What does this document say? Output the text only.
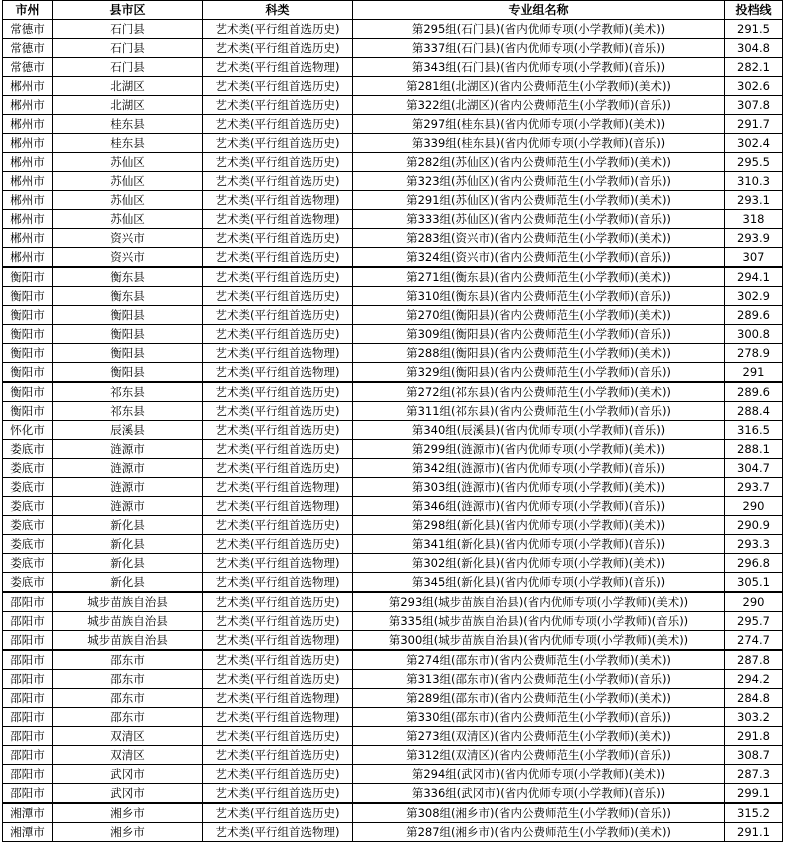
市州	县市区	科类	专业组名称	投档线
常德市	石门县	艺术类(平行组首选历史)	第295组(石门县)(省内优师专项(小学教师)(美术))	291.5
常德市	石门县	艺术类(平行组首选历史)	第337组(石门县)(省内优师专项(小学教师)(音乐))	304.8
常德市	石门县	艺术类(平行组首选物理)	第343组(石门县)(省内优师专项(小学教师)(音乐))	282.1
郴州市	北湖区	艺术类(平行组首选历史)	第281组(北湖区)(省内公费师范生(小学教师)(美术))	302.6
郴州市	北湖区	艺术类(平行组首选历史)	第322组(北湖区)(省内公费师范生(小学教师)(音乐))	307.8
郴州市	桂东县	艺术类(平行组首选历史)	第297组(桂东县)(省内优师专项(小学教师)(美术))	291.7
郴州市	桂东县	艺术类(平行组首选历史)	第339组(桂东县)(省内优师专项(小学教师)(音乐))	302.4
郴州市	苏仙区	艺术类(平行组首选历史)	第282组(苏仙区)(省内公费师范生(小学教师)(美术))	295.5
郴州市	苏仙区	艺术类(平行组首选历史)	第323组(苏仙区)(省内公费师范生(小学教师)(音乐))	310.3
郴州市	苏仙区	艺术类(平行组首选物理)	第291组(苏仙区)(省内公费师范生(小学教师)(美术))	293.1
郴州市	苏仙区	艺术类(平行组首选物理)	第333组(苏仙区)(省内公费师范生(小学教师)(音乐))	318
郴州市	资兴市	艺术类(平行组首选历史)	第283组(资兴市)(省内公费师范生(小学教师)(美术))	293.9
郴州市	资兴市	艺术类(平行组首选历史)	第324组(资兴市)(省内公费师范生(小学教师)(音乐))	307
衡阳市	衡东县	艺术类(平行组首选历史)	第271组(衡东县)(省内公费师范生(小学教师)(美术))	294.1
衡阳市	衡东县	艺术类(平行组首选历史)	第310组(衡东县)(省内公费师范生(小学教师)(音乐))	302.9
衡阳市	衡阳县	艺术类(平行组首选历史)	第270组(衡阳县)(省内公费师范生(小学教师)(美术))	289.6
衡阳市	衡阳县	艺术类(平行组首选历史)	第309组(衡阳县)(省内公费师范生(小学教师)(音乐))	300.8
衡阳市	衡阳县	艺术类(平行组首选物理)	第288组(衡阳县)(省内公费师范生(小学教师)(美术))	278.9
衡阳市	衡阳县	艺术类(平行组首选物理)	第329组(衡阳县)(省内公费师范生(小学教师)(音乐))	291
衡阳市	祁东县	艺术类(平行组首选历史)	第272组(祁东县)(省内公费师范生(小学教师)(美术))	289.6
衡阳市	祁东县	艺术类(平行组首选历史)	第311组(祁东县)(省内公费师范生(小学教师)(音乐))	288.4
怀化市	辰溪县	艺术类(平行组首选历史)	第340组(辰溪县)(省内优师专项(小学教师)(音乐))	316.5
娄底市	涟源市	艺术类(平行组首选历史)	第299组(涟源市)(省内优师专项(小学教师)(美术))	288.1
娄底市	涟源市	艺术类(平行组首选历史)	第342组(涟源市)(省内优师专项(小学教师)(音乐))	304.7
娄底市	涟源市	艺术类(平行组首选物理)	第303组(涟源市)(省内优师专项(小学教师)(美术))	293.7
娄底市	涟源市	艺术类(平行组首选物理)	第346组(涟源市)(省内优师专项(小学教师)(音乐))	290
娄底市	新化县	艺术类(平行组首选历史)	第298组(新化县)(省内优师专项(小学教师)(美术))	290.9
娄底市	新化县	艺术类(平行组首选历史)	第341组(新化县)(省内优师专项(小学教师)(音乐))	293.3
娄底市	新化县	艺术类(平行组首选物理)	第302组(新化县)(省内优师专项(小学教师)(美术))	296.8
娄底市	新化县	艺术类(平行组首选物理)	第345组(新化县)(省内优师专项(小学教师)(音乐))	305.1
邵阳市	城步苗族自治县	艺术类(平行组首选历史)	第293组(城步苗族自治县)(省内优师专项(小学教师)(美术))	290
邵阳市	城步苗族自治县	艺术类(平行组首选历史)	第335组(城步苗族自治县)(省内优师专项(小学教师)(音乐))	295.7
邵阳市	城步苗族自治县	艺术类(平行组首选物理)	第300组(城步苗族自治县)(省内优师专项(小学教师)(美术))	274.7
邵阳市	邵东市	艺术类(平行组首选历史)	第274组(邵东市)(省内公费师范生(小学教师)(美术))	287.8
邵阳市	邵东市	艺术类(平行组首选历史)	第313组(邵东市)(省内公费师范生(小学教师)(音乐))	294.2
邵阳市	邵东市	艺术类(平行组首选物理)	第289组(邵东市)(省内公费师范生(小学教师)(美术))	284.8
邵阳市	邵东市	艺术类(平行组首选物理)	第330组(邵东市)(省内公费师范生(小学教师)(音乐))	303.2
邵阳市	双清区	艺术类(平行组首选历史)	第273组(双清区)(省内公费师范生(小学教师)(美术))	291.8
邵阳市	双清区	艺术类(平行组首选历史)	第312组(双清区)(省内公费师范生(小学教师)(音乐))	308.7
邵阳市	武冈市	艺术类(平行组首选历史)	第294组(武冈市)(省内优师专项(小学教师)(美术))	287.3
邵阳市	武冈市	艺术类(平行组首选历史)	第336组(武冈市)(省内优师专项(小学教师)(音乐))	299.1
湘潭市	湘乡市	艺术类(平行组首选历史)	第308组(湘乡市)(省内公费师范生(小学教师)(音乐))	315.2
湘潭市	湘乡市	艺术类(平行组首选物理)	第287组(湘乡市)(省内公费师范生(小学教师)(美术))	291.1
